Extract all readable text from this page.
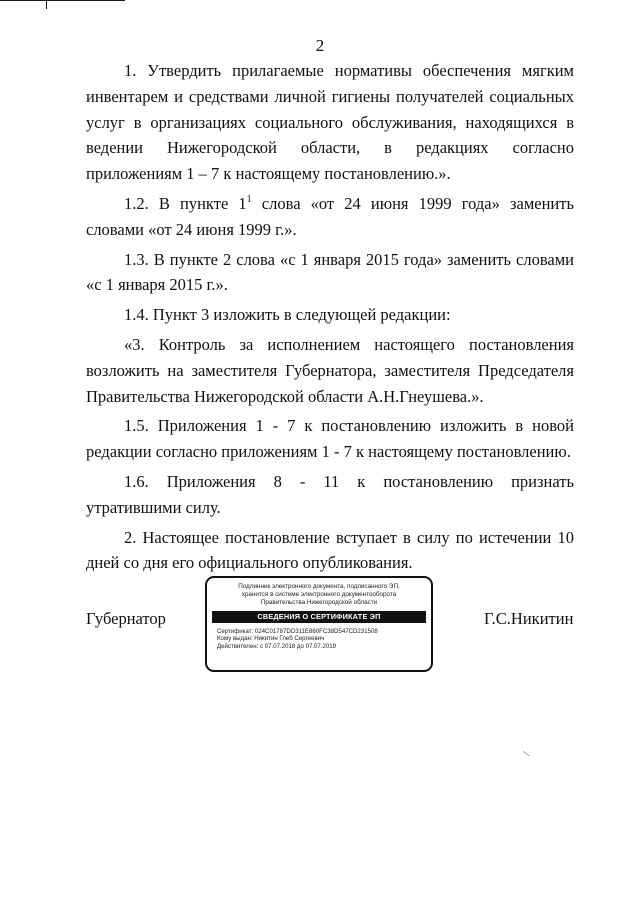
2

1. Утвердить прилагаемые нормативы обеспечения мягким инвентарем и средствами личной гигиены получателей социальных услуг в организациях социального обслуживания, находящихся в ведении Нижегородской области, в редакциях согласно приложениям 1 – 7 к настоящему постановлению.».

1.2. В пункте $1^1$ слова «от 24 июня 1999 года» заменить словами «от 24 июня 1999 г.».

1.3. В пункте 2 слова «с 1 января 2015 года» заменить словами «с 1 января 2015 г.».

1.4. Пункт 3 изложить в следующей редакции:

«3. Контроль за исполнением настоящего постановления возложить на заместителя Губернатора, заместителя Председателя Правительства Нижегородской области А.Н.Гнеушева.».

1.5. Приложения 1 - 7 к постановлению изложить в новой редакции согласно приложениям 1 - 7 к настоящему постановлению.

1.6. Приложения 8 - 11 к постановлению признать утратившими силу.

2. Настоящее постановление вступает в силу по истечении 10 дней со дня его официального опубликования.

Губернатор
Подлинник электронного документа, подписанного ЭП,
хранится в системе электронного документооборота
Правительства Нижегородской области
СВЕДЕНИЯ О СЕРТИФИКАТЕ ЭП
Сертификат: 024C01787DD311E860FC38D547CD231508
Кому выдан: Никитин Глеб Сергеевич
Действителен: с 07.07.2018 до 07.07.2019
Г.С.Никитин
\
